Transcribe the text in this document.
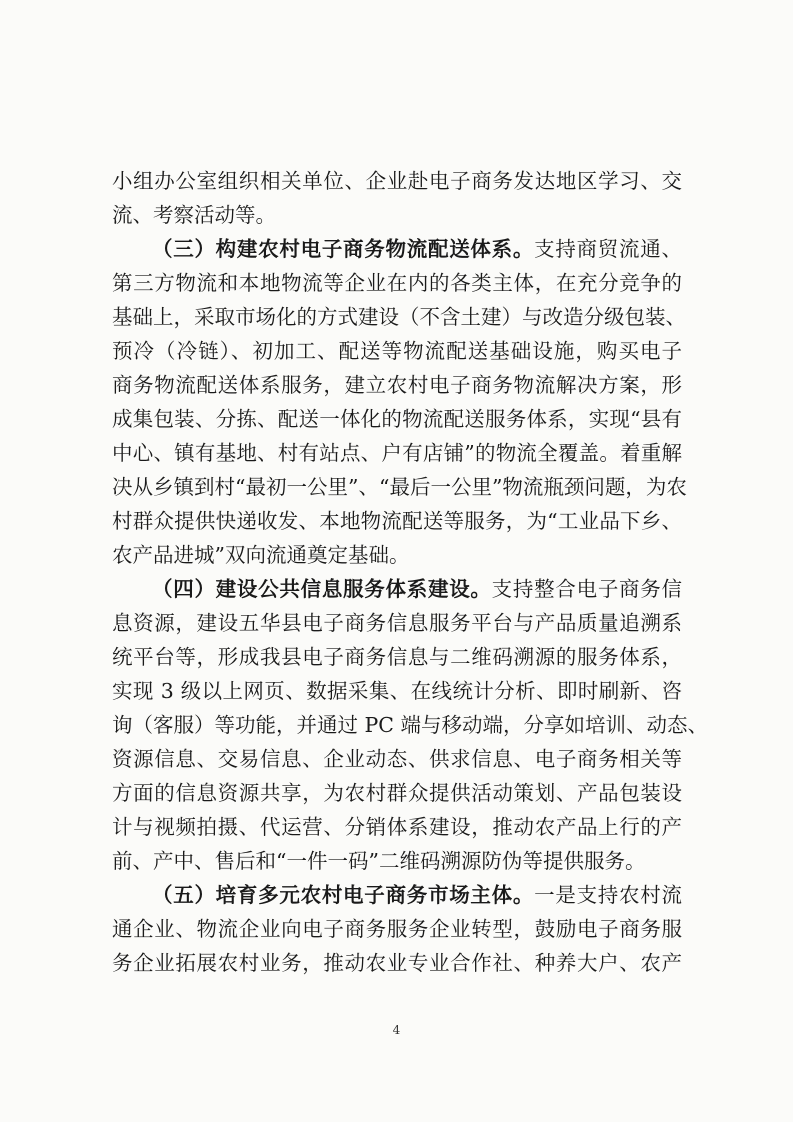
小组办公室组织相关单位、企业赴电子商务发达地区学习、交
流、考察活动等。
（三）构建农村电子商务物流配送体系。支持商贸流通、
第三方物流和本地物流等企业在内的各类主体，在充分竞争的
基础上，采取市场化的方式建设（不含土建）与改造分级包装、
预冷（冷链）、初加工、配送等物流配送基础设施，购买电子
商务物流配送体系服务，建立农村电子商务物流解决方案，形
成集包装、分拣、配送一体化的物流配送服务体系，实现“县有
中心、镇有基地、村有站点、户有店铺”的物流全覆盖。着重解
决从乡镇到村“最初一公里”、“最后一公里”物流瓶颈问题，为农
村群众提供快递收发、本地物流配送等服务，为“工业品下乡、
农产品进城”双向流通奠定基础。
（四）建设公共信息服务体系建设。支持整合电子商务信
息资源，建设五华县电子商务信息服务平台与产品质量追溯系
统平台等，形成我县电子商务信息与二维码溯源的服务体系，
实现 3 级以上网页、数据采集、在线统计分析、即时刷新、咨
询（客服）等功能，并通过 PC 端与移动端，分享如培训、动态、
资源信息、交易信息、企业动态、供求信息、电子商务相关等
方面的信息资源共享，为农村群众提供活动策划、产品包装设
计与视频拍摄、代运营、分销体系建设，推动农产品上行的产
前、产中、售后和“一件一码”二维码溯源防伪等提供服务。
（五）培育多元农村电子商务市场主体。一是支持农村流
通企业、物流企业向电子商务服务企业转型，鼓励电子商务服
务企业拓展农村业务，推动农业专业合作社、种养大户、农产
4
